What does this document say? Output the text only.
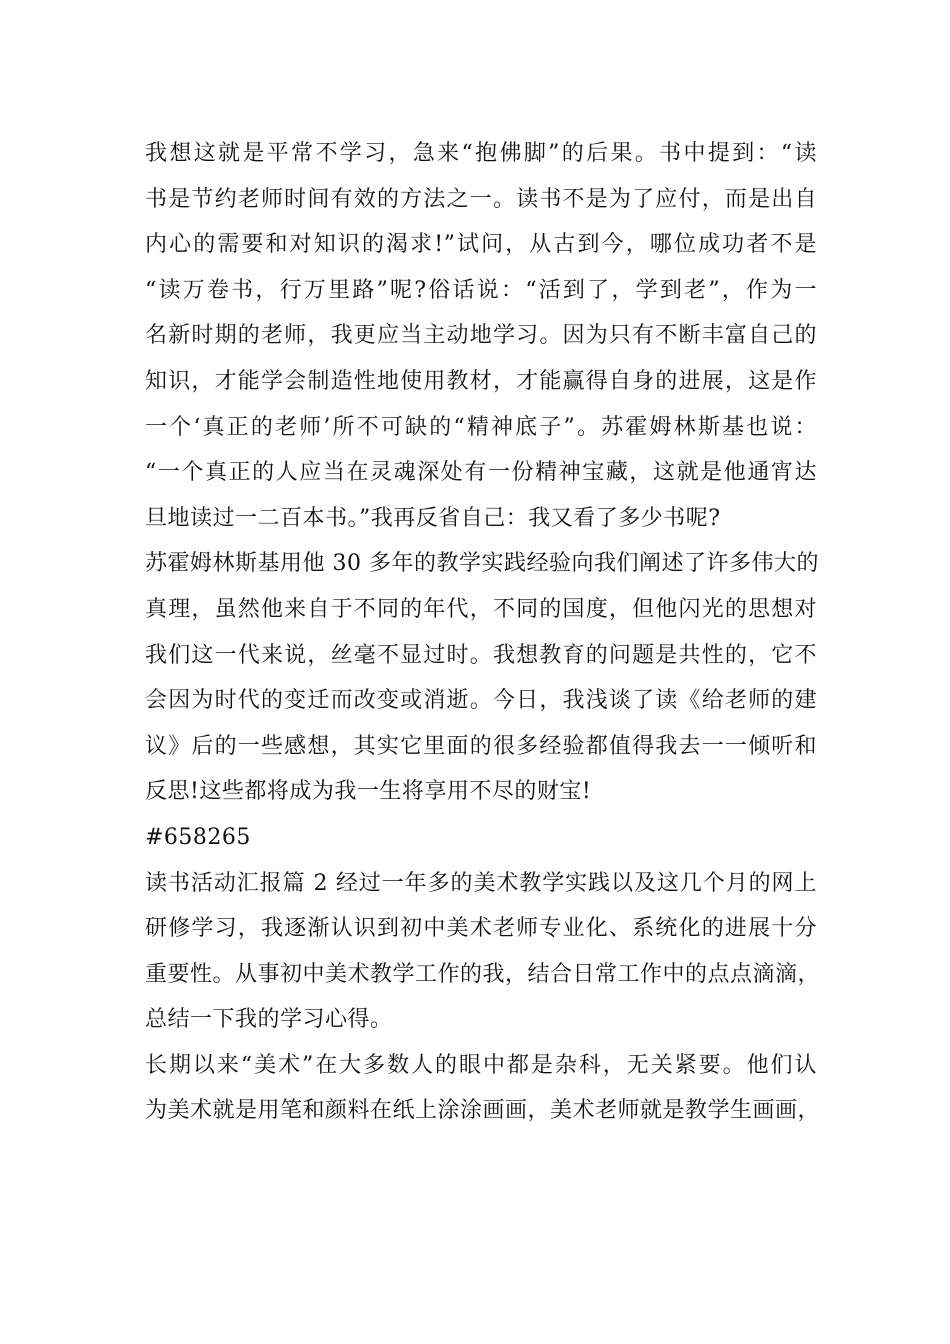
我想这就是平常不学习，急来“抱佛脚”的后果。书中提到：“读
书是节约老师时间有效的方法之一。读书不是为了应付，而是出自
内心的需要和对知识的渴求!”试问，从古到今，哪位成功者不是
“读万卷书，行万里路”呢?俗话说：“活到了，学到老”，作为一
名新时期的老师，我更应当主动地学习。因为只有不断丰富自己的
知识，才能学会制造性地使用教材，才能赢得自身的进展，这是作
一个‘真正的老师’所不可缺的“精神底子”。苏霍姆林斯基也说：
“一个真正的人应当在灵魂深处有一份精神宝藏，这就是他通宵达
旦地读过一二百本书。”我再反省自己：我又看了多少书呢?
苏霍姆林斯基用他 30 多年的教学实践经验向我们阐述了许多伟大的
真理，虽然他来自于不同的年代，不同的国度，但他闪光的思想对
我们这一代来说，丝毫不显过时。我想教育的问题是共性的，它不
会因为时代的变迁而改变或消逝。今日，我浅谈了读《给老师的建
议》后的一些感想，其实它里面的很多经验都值得我去一一倾听和
反思!这些都将成为我一生将享用不尽的财宝!
#658265
读书活动汇报篇 2 经过一年多的美术教学实践以及这几个月的网上
研修学习，我逐渐认识到初中美术老师专业化、系统化的进展十分
重要性。从事初中美术教学工作的我，结合日常工作中的点点滴滴，
总结一下我的学习心得。
长期以来“美术”在大多数人的眼中都是杂科，无关紧要。他们认
为美术就是用笔和颜料在纸上涂涂画画，美术老师就是教学生画画，
